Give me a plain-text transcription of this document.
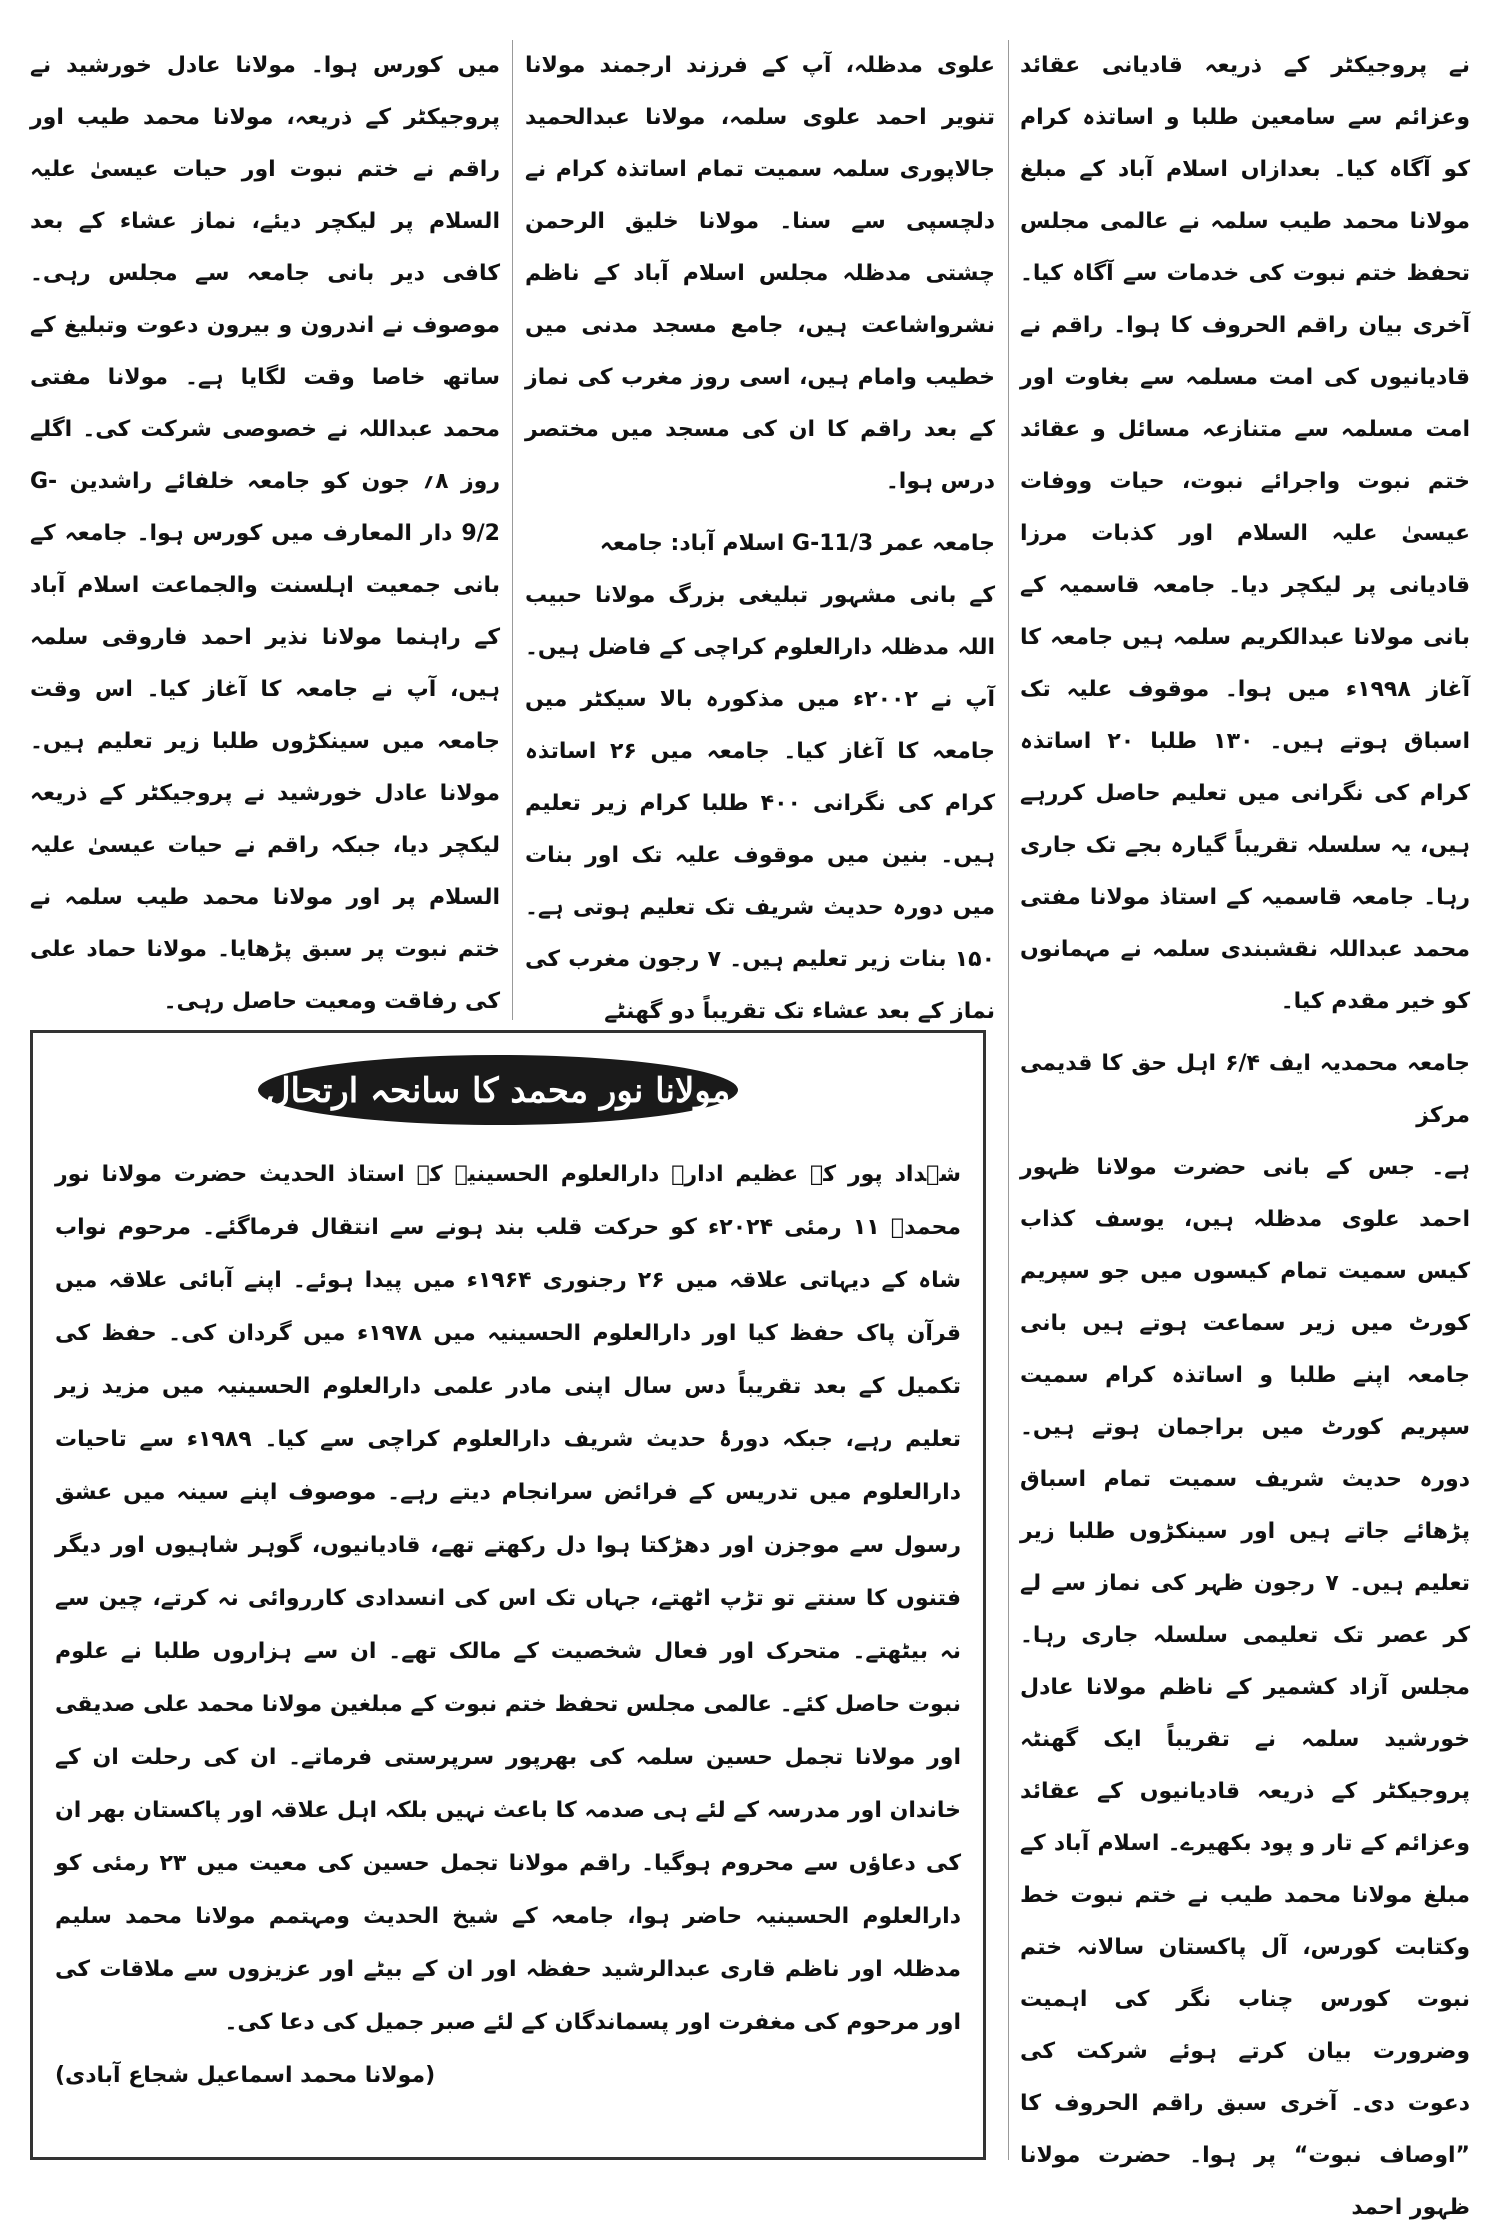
نے پروجیکٹر کے ذریعہ قادیانی عقائد وعزائم سے سامعین طلبا و اساتذہ کرام کو آگاہ کیا۔ بعدازاں اسلام آباد کے مبلغ مولانا محمد طیب سلمہ نے عالمی مجلس تحفظ ختم نبوت کی خدمات سے آگاہ کیا۔ آخری بیان راقم الحروف کا ہوا۔ راقم نے قادیانیوں کی امت مسلمہ سے بغاوت اور امت مسلمہ سے متنازعہ مسائل و عقائد ختم نبوت واجرائے نبوت، حیات ووفات عیسیٰ علیہ السلام اور کذبات مرزا قادیانی پر لیکچر دیا۔ جامعہ قاسمیہ کے بانی مولانا عبدالکریم سلمہ ہیں جامعہ کا آغاز ۱۹۹۸ء میں ہوا۔ موقوف علیہ تک اسباق ہوتے ہیں۔ ۱۳۰ طلبا ۲۰ اساتذہ کرام کی نگرانی میں تعلیم حاصل کررہے ہیں، یہ سلسلہ تقریباً گیارہ بجے تک جاری رہا۔ جامعہ قاسمیہ کے استاذ مولانا مفتی محمد عبداللہ نقشبندی سلمہ نے مہمانوں کو خیر مقدم کیا۔

جامعہ محمدیہ ایف ۶/۴ اہل حق کا قدیمی مرکز

ہے۔ جس کے بانی حضرت مولانا ظہور احمد علوی مدظلہ ہیں، یوسف کذاب کیس سمیت تمام کیسوں میں جو سپریم کورٹ میں زیر سماعت ہوتے ہیں بانی جامعہ اپنے طلبا و اساتذہ کرام سمیت سپریم کورٹ میں براجمان ہوتے ہیں۔ دورہ حدیث شریف سمیت تمام اسباق پڑھائے جاتے ہیں اور سینکڑوں طلبا زیر تعلیم ہیں۔ ۷ رجون ظہر کی نماز سے لے کر عصر تک تعلیمی سلسلہ جاری رہا۔ مجلس آزاد کشمیر کے ناظم مولانا عادل خورشید سلمہ نے تقریباً ایک گھنٹہ پروجیکٹر کے ذریعہ قادیانیوں کے عقائد وعزائم کے تار و پود بکھیرے۔ اسلام آباد کے مبلغ مولانا محمد طیب نے ختم نبوت خط وکتابت کورس، آل پاکستان سالانہ ختم نبوت کورس چناب نگر کی اہمیت وضرورت بیان کرتے ہوئے شرکت کی دعوت دی۔ آخری سبق راقم الحروف کا ”اوصاف نبوت“ پر ہوا۔ حضرت مولانا ظہور احمد

علوی مدظلہ، آپ کے فرزند ارجمند مولانا تنویر احمد علوی سلمہ، مولانا عبدالحمید جالاپوری سلمہ سمیت تمام اساتذہ کرام نے دلچسپی سے سنا۔ مولانا خلیق الرحمن چشتی مدظلہ مجلس اسلام آباد کے ناظم نشرواشاعت ہیں، جامع مسجد مدنی میں خطیب وامام ہیں، اسی روز مغرب کی نماز کے بعد راقم کا ان کی مسجد میں مختصر درس ہوا۔

جامعہ عمر G-11/3 اسلام آباد: جامعہ

کے بانی مشہور تبلیغی بزرگ مولانا حبیب اللہ مدظلہ دارالعلوم کراچی کے فاضل ہیں۔ آپ نے ۲۰۰۲ء میں مذکورہ بالا سیکٹر میں جامعہ کا آغاز کیا۔ جامعہ میں ۲۶ اساتذہ کرام کی نگرانی ۴۰۰ طلبا کرام زیر تعلیم ہیں۔ بنین میں موقوف علیہ تک اور بنات میں دورہ حدیث شریف تک تعلیم ہوتی ہے۔ ۱۵۰ بنات زیر تعلیم ہیں۔ ۷ رجون مغرب کی نماز کے بعد عشاء تک تقریباً دو گھنٹے

میں کورس ہوا۔ مولانا عادل خورشید نے پروجیکٹر کے ذریعہ، مولانا محمد طیب اور راقم نے ختم نبوت اور حیات عیسیٰ علیہ السلام پر لیکچر دیئے، نماز عشاء کے بعد کافی دیر بانی جامعہ سے مجلس رہی۔ موصوف نے اندرون و بیرون دعوت وتبلیغ کے ساتھ خاصا وقت لگایا ہے۔ مولانا مفتی محمد عبداللہ نے خصوصی شرکت کی۔ اگلے روز ۸؍ جون کو جامعہ خلفائے راشدین G-9/2 دار المعارف میں کورس ہوا۔ جامعہ کے بانی جمعیت اہلسنت والجماعت اسلام آباد کے راہنما مولانا نذیر احمد فاروقی سلمہ ہیں، آپ نے جامعہ کا آغاز کیا۔ اس وقت جامعہ میں سینکڑوں طلبا زیر تعلیم ہیں۔ مولانا عادل خورشید نے پروجیکٹر کے ذریعہ لیکچر دیا، جبکہ راقم نے حیات عیسیٰ علیہ السلام پر اور مولانا محمد طیب سلمہ نے ختم نبوت پر سبق پڑھایا۔ مولانا حماد علی کی رفاقت ومعیت حاصل رہی۔

مولانا نور محمد کا سانحہ ارتحال

شہداد پور کے عظیم ادارہ دارالعلوم الحسینیہ کے استاذ الحدیث حضرت مولانا نور محمدؒ ۱۱ رمئی ۲۰۲۴ء کو حرکت قلب بند ہونے سے انتقال فرماگئے۔ مرحوم نواب شاہ کے دیہاتی علاقہ میں ۲۶ رجنوری ۱۹۶۴ء میں پیدا ہوئے۔ اپنے آبائی علاقہ میں قرآن پاک حفظ کیا اور دارالعلوم الحسینیہ میں ۱۹۷۸ء میں گردان کی۔ حفظ کی تکمیل کے بعد تقریباً دس سال اپنی مادر علمی دارالعلوم الحسینیہ میں مزید زیر تعلیم رہے، جبکہ دورۂ حدیث شریف دارالعلوم کراچی سے کیا۔ ۱۹۸۹ء سے تاحیات دارالعلوم میں تدریس کے فرائض سرانجام دیتے رہے۔ موصوف اپنے سینہ میں عشق رسول سے موجزن اور دھڑکتا ہوا دل رکھتے تھے، قادیانیوں، گوہر شاہیوں اور دیگر فتنوں کا سنتے تو تڑپ اٹھتے، جہاں تک اس کی انسدادی کارروائی نہ کرتے، چین سے نہ بیٹھتے۔ متحرک اور فعال شخصیت کے مالک تھے۔ ان سے ہزاروں طلبا نے علوم نبوت حاصل کئے۔ عالمی مجلس تحفظ ختم نبوت کے مبلغین مولانا محمد علی صدیقی اور مولانا تجمل حسین سلمہ کی بھرپور سرپرستی فرماتے۔ ان کی رحلت ان کے خاندان اور مدرسہ کے لئے ہی صدمہ کا باعث نہیں بلکہ اہل علاقہ اور پاکستان بھر ان کی دعاؤں سے محروم ہوگیا۔ راقم مولانا تجمل حسین کی معیت میں ۲۳ رمئی کو دارالعلوم الحسینیہ حاضر ہوا، جامعہ کے شیخ الحدیث ومہتمم مولانا محمد سلیم مدظلہ اور ناظم قاری عبدالرشید حفظہ اور ان کے بیٹے اور عزیزوں سے ملاقات کی اور مرحوم کی مغفرت اور پسماندگان کے لئے صبر جمیل کی دعا کی۔
(مولانا محمد اسماعیل شجاع آبادی)
